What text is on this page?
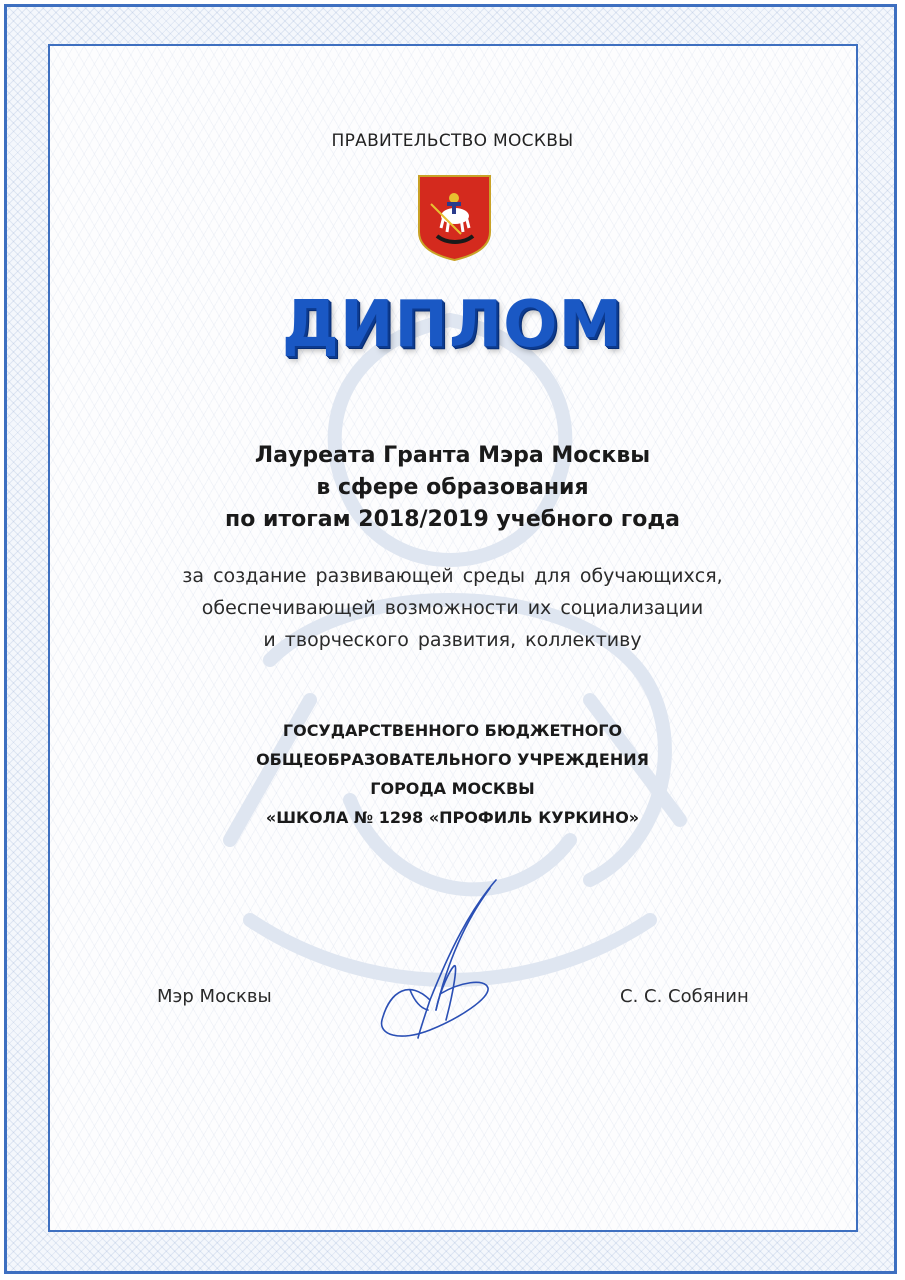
ПРАВИТЕЛЬСТВО МОСКВЫ
ДИПЛОМ
Лауреата Гранта Мэра Москвы
в сфере образования
по итогам 2018/2019 учебного года
за создание развивающей среды для обучающихся,
обеспечивающей возможности их социализации
и творческого развития, коллективу
ГОСУДАРСТВЕННОГО БЮДЖЕТНОГО
ОБЩЕОБРАЗОВАТЕЛЬНОГО УЧРЕЖДЕНИЯ
ГОРОДА МОСКВЫ
«ШКОЛА № 1298 «ПРОФИЛЬ КУРКИНО»
Мэр Москвы	С. С. Собянин
